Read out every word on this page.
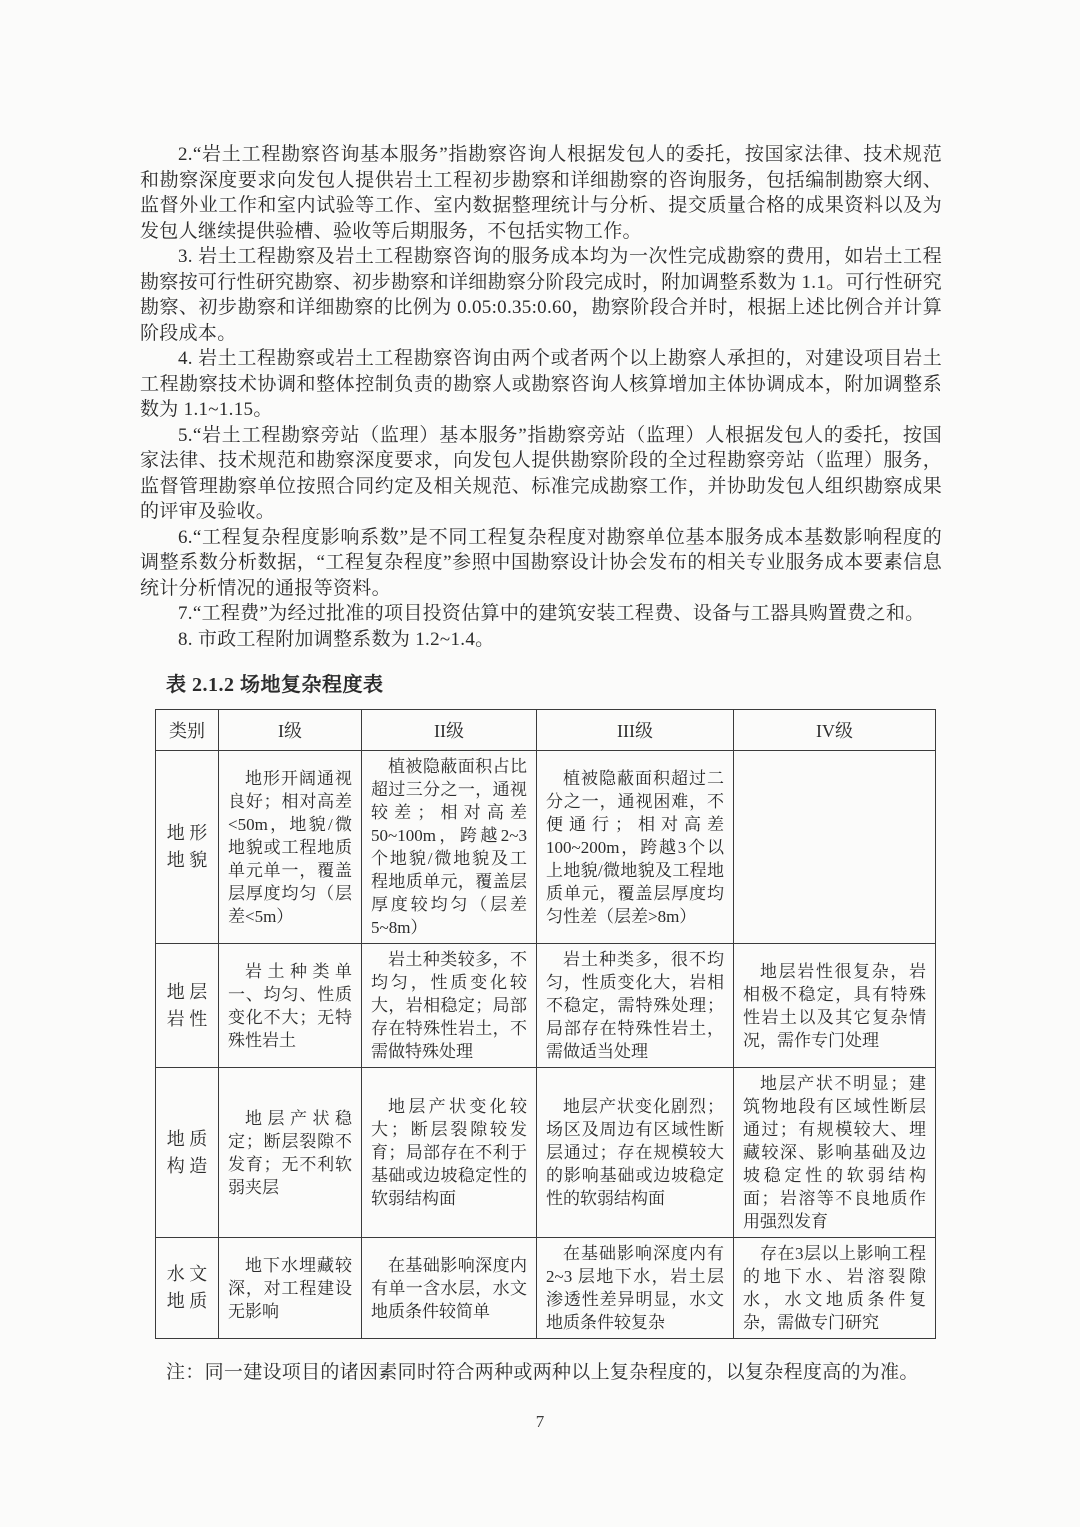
2.“岩土工程勘察咨询基本服务”指勘察咨询人根据发包人的委托，按国家法律、技术规范和勘察深度要求向发包人提供岩土工程初步勘察和详细勘察的咨询服务，包括编制勘察大纲、监督外业工作和室内试验等工作、室内数据整理统计与分析、提交质量合格的成果资料以及为发包人继续提供验槽、验收等后期服务，不包括实物工作。

3. 岩土工程勘察及岩土工程勘察咨询的服务成本均为一次性完成勘察的费用，如岩土工程勘察按可行性研究勘察、初步勘察和详细勘察分阶段完成时，附加调整系数为 1.1。可行性研究勘察、初步勘察和详细勘察的比例为 0.05:0.35:0.60，勘察阶段合并时，根据上述比例合并计算阶段成本。

4. 岩土工程勘察或岩土工程勘察咨询由两个或者两个以上勘察人承担的，对建设项目岩土工程勘察技术协调和整体控制负责的勘察人或勘察咨询人核算增加主体协调成本，附加调整系数为 1.1~1.15。

5.“岩土工程勘察旁站（监理）基本服务”指勘察旁站（监理）人根据发包人的委托，按国家法律、技术规范和勘察深度要求，向发包人提供勘察阶段的全过程勘察旁站（监理）服务，监督管理勘察单位按照合同约定及相关规范、标准完成勘察工作，并协助发包人组织勘察成果的评审及验收。

6.“工程复杂程度影响系数”是不同工程复杂程度对勘察单位基本服务成本基数影响程度的调整系数分析数据，“工程复杂程度”参照中国勘察设计协会发布的相关专业服务成本要素信息统计分析情况的通报等资料。

7.“工程费”为经过批准的项目投资估算中的建筑安装工程费、设备与工器具购置费之和。

8. 市政工程附加调整系数为 1.2~1.4。

表 2.1.2 场地复杂程度表
类别	I级	II级	III级	IV级

地 形
地 貌	地形开阔通视良好；相对高差<50m，地貌/微地貌或工程地质单元单一，覆盖层厚度均匀（层差<5m）	植被隐蔽面积占比超过三分之一，通视较差；相对高差50~100m，跨越2~3个地貌/微地貌及工程地质单元，覆盖层厚度较均匀（层差5~8m）	植被隐蔽面积超过二分之一，通视困难，不便通行；相对高差100~200m，跨越3个以上地貌/微地貌及工程地质单元，覆盖层厚度均匀性差（层差>8m）	

地 层
岩 性	岩土种类单一、均匀、性质变化不大；无特殊性岩土	岩土种类较多，不均匀，性质变化较大，岩相稳定；局部存在特殊性岩土，不需做特殊处理	岩土种类多，很不均匀，性质变化大，岩相不稳定，需特殊处理；局部存在特殊性岩土，需做适当处理	地层岩性很复杂，岩相极不稳定，具有特殊性岩土以及其它复杂情况，需作专门处理

地 质
构 造	地层产状稳定；断层裂隙不发育；无不利软弱夹层	地层产状变化较大；断层裂隙较发育；局部存在不利于基础或边坡稳定性的软弱结构面	地层产状变化剧烈；场区及周边有区域性断层通过；存在规模较大的影响基础或边坡稳定性的软弱结构面	地层产状不明显；建筑物地段有区域性断层通过；有规模较大、埋藏较深、影响基础及边坡稳定性的软弱结构面；岩溶等不良地质作用强烈发育

水 文
地 质	地下水埋藏较深，对工程建设无影响	在基础影响深度内有单一含水层，水文地质条件较简单	在基础影响深度内有 2~3 层地下水，岩土层渗透性差异明显，水文地质条件较复杂	存在3层以上影响工程的地下水、岩溶裂隙水，水文地质条件复杂，需做专门研究
注：同一建设项目的诸因素同时符合两种或两种以上复杂程度的，以复杂程度高的为准。
7
